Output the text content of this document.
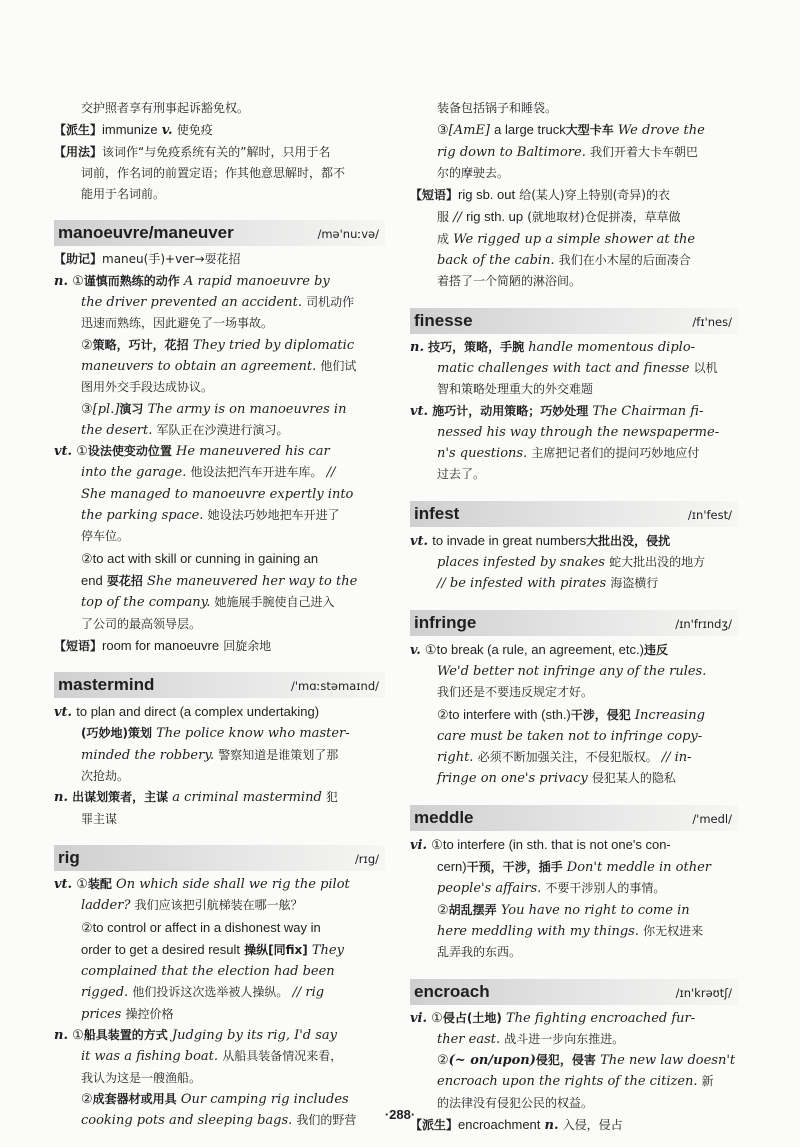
交护照者享有刑事起诉豁免权。
【派生】immunize v. 使免疫
【用法】该词作“与免疫系统有关的”解时，只用于名
词前，作名词的前置定语；作其他意思解时，都不
能用于名词前。
manoeuvre/maneuver	/mə'nuːvə/
【助记】maneu(手)+ver→耍花招
n. ①谨慎而熟练的动作 A rapid manoeuvre by
the driver prevented an accident. 司机动作
迅速而熟练，因此避免了一场事故。
②策略，巧计，花招 They tried by diplomatic
maneuvers to obtain an agreement. 他们试
图用外交手段达成协议。
③[pl.]演习 The army is on manoeuvres in
the desert. 军队正在沙漠进行演习。
vt. ①设法使变动位置 He maneuvered his car
into the garage. 他设法把汽车开进车库。 //
She managed to manoeuvre expertly into
the parking space. 她设法巧妙地把车开进了
停车位。
②to act with skill or cunning in gaining an
end 耍花招 She maneuvered her way to the
top of the company. 她施展手腕使自己进入
了公司的最高领导层。
【短语】room for manoeuvre 回旋余地
mastermind	/'mɑːstəmaɪnd/
vt. to plan and direct (a complex undertaking)
(巧妙地)策划 The police know who master-
minded the robbery. 警察知道是谁策划了那
次抢劫。
n. 出谋划策者，主谋 a criminal mastermind 犯
罪主谋
rig	/rɪg/
vt. ①装配 On which side shall we rig the pilot
ladder? 我们应该把引航梯装在哪一舷？
②to control or affect in a dishonest way in
order to get a desired result 操纵[同fix] They
complained that the election had been
rigged. 他们投诉这次选举被人操纵。 // rig
prices 操控价格
n. ①船具装置的方式 Judging by its rig, I'd say
it was a fishing boat. 从船具装备情况来看，
我认为这是一艘渔船。
②成套器材或用具 Our camping rig includes
cooking pots and sleeping bags. 我们的野营
装备包括锅子和睡袋。
③[AmE] a large truck大型卡车 We drove the
rig down to Baltimore. 我们开着大卡车朝巴
尔的摩驶去。
【短语】rig sb. out 给(某人)穿上特别(奇异)的衣
服 // rig sth. up (就地取材)仓促拼凑，草草做
成 We rigged up a simple shower at the
back of the cabin. 我们在小木屋的后面凑合
着搭了一个简陋的淋浴间。
finesse	/fɪ'nes/
n. 技巧，策略，手腕 handle momentous diplo-
matic challenges with tact and finesse 以机
智和策略处理重大的外交难题
vt. 施巧计，动用策略；巧妙处理 The Chairman fi-
nessed his way through the newspapermе-
n's questions. 主席把记者们的提问巧妙地应付
过去了。
infest	/ɪn'fest/
vt. to invade in great numbers大批出没，侵扰
places infested by snakes 蛇大批出没的地方
// be infested with pirates 海盗横行
infringe	/ɪn'frɪndʒ/
v. ①to break (a rule, an agreement, etc.)违反
We'd better not infringe any of the rules.
我们还是不要违反规定才好。
②to interfere with (sth.)干涉，侵犯 Increasing
care must be taken not to infringe copy-
right. 必须不断加强关注，不侵犯版权。 // in-
fringe on one's privacy 侵犯某人的隐私
meddle	/'medl/
vi. ①to interfere (in sth. that is not one's con-
cern)干预，干涉，插手 Don't meddle in other
people's affairs. 不要干涉别人的事情。
②胡乱摆弄 You have no right to come in
here meddling with my things. 你无权进来
乱弄我的东西。
encroach	/ɪn'krəʊtʃ/
vi. ①侵占(土地) The fighting encroached fur-
ther east. 战斗进一步向东推进。
②(~ on/upon)侵犯，侵害 The new law doesn't
encroach upon the rights of the citizen. 新
的法律没有侵犯公民的权益。
【派生】encroachment n. 入侵，侵占
·288·
